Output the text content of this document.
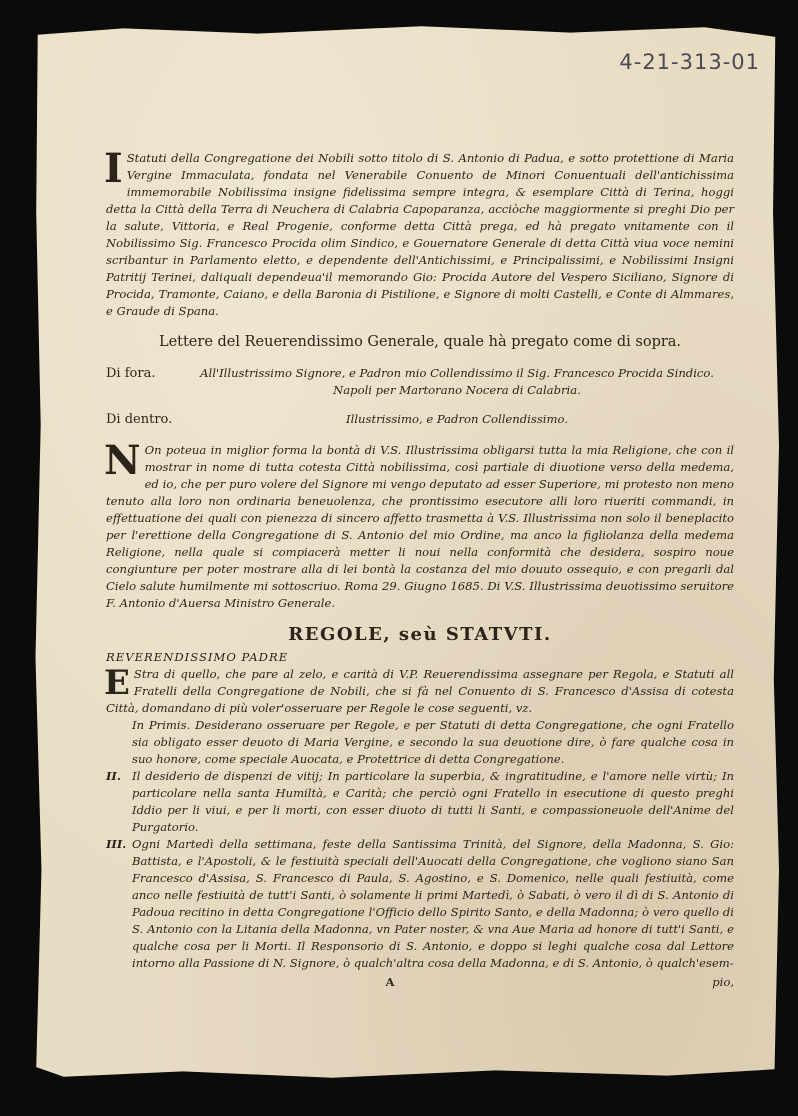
4-21-313-01

I Statuti della Congregatione dei Nobili sotto titolo di S. Antonio di Padua, e sotto protettione di Maria Vergine Immaculata, fondata nel Venerabile Conuento de Minori Conuentuali dell'antichissima immemorabile Nobilissima insigne fidelissima sempre integra, & esemplare Città di Terina, hoggi detta la Città della Terra di Neuchera di Calabria Capoparanza, acciòche maggiormente si preghi Dio per la salute, Vittoria, e Real Progenie, conforme detta Città prega, ed hà pregato vnitamente con il Nobilissimo Sig. Francesco Procida olim Sindico, e Gouernatore Generale di detta Città viua voce nemini scribantur in Parlamento eletto, e dependente dell'Antichissimi, e Principalissimi, e Nobilissimi Insigni Patritij Terinei, daliquali dependeua'il memorando Gio: Procida Autore del Vespero Siciliano, Signore di Procida, Tramonte, Caiano, e della Baronia di Pistilione, e Signore di molti Castelli, e Conte di Almmares, e Graude di Spana.

Lettere del Reuerendissimo Generale, quale hà pregato come di sopra.
Di fora.	All'Illustrissimo Signore, e Padron mio Collendissimo il Sig. Francesco Procida Sindico. Napoli per Martorano Nocera di Calabria.
Di dentro.	Illustrissimo, e Padron Collendissimo.

N On poteua in miglior forma la bontà di V.S. Illustrissima obligarsi tutta la mia Religione, che con il mostrar in nome di tutta cotesta Città nobilissima, così partiale di diuotione verso della medema, ed io, che per puro volere del Signore mi vengo deputato ad esser Superiore, mi protesto non meno tenuto alla loro non ordinaria beneuolenza, che prontissimo esecutore alli loro riueriti commandi, in effettuatione dei quali con pienezza di sincero affetto trasmetta à V.S. Illustrissima non solo il beneplacito per l'erettione della Congregatione di S. Antonio del mio Ordine, ma anco la figliolanza della medema Religione, nella quale si compiacerà metter li noui nella conformità che desidera, sospiro noue congiunture per poter mostrare alla di lei bontà la costanza del mio douuto ossequio, e con pregarli dal Cielo salute humilmente mi sottoscriuo. Roma 29. Giugno 1685. Di V.S. Illustrissima deuotissimo seruitore F. Antonio d'Auersa Ministro Generale.

REGOLE, seù STATVTI.

REVERENDISSIMO PADRE

E Stra di quello, che pare al zelo, e carità di V.P. Reuerendissima assegnare per Regola, e Statuti all Fratelli della Congregatione de Nobili, che si fà nel Conuento di S. Francesco d'Assisa di cotesta Città, domandano di più voler'osseruare per Regole le cose seguenti, vz.

In Primis. Desiderano osseruare per Regole, e per Statuti di detta Congregatione, che ogni Fratello sia obligato esser deuoto di Maria Vergine, e secondo la sua deuotione dire, ò fare qualche cosa in suo honore, come speciale Auocata, e Protettrice di detta Congregatione.
II. Il desiderio de dispenzi de vitij; In particolare la superbia, & ingratitudine, e l'amore nelle virtù; In particolare nella santa Humiltà, e Carità; che perciò ogni Fratello in esecutione di questo preghi Iddio per li viui, e per li morti, con esser diuoto di tutti li Santi, e compassioneuole dell'Anime del Purgatorio.
III. Ogni Martedì della settimana, feste della Santissima Trinità, del Signore, della Madonna, S. Gio: Battista, e l'Apostoli, & le festiuità speciali dell'Auocati della Congregatione, che vogliono siano San Francesco d'Assisa, S. Francesco di Paula, S. Agostino, e S. Domenico, nelle quali festiuità, come anco nelle festiuità de tutt'i Santi, ò solamente li primi Martedì, ò Sabati, ò vero il dì di S. Antonio di Padoua recitino in detta Congregatione l'Officio dello Spirito Santo, e della Madonna; ò vero quello di S. Antonio con la Litania della Madonna, vn Pater noster, & vna Aue Maria ad honore di tutt'i Santi, e qualche cosa per li Morti. Il Responsorio di S. Antonio, e doppo si leghi qualche cosa dal Lettore intorno alla Passione di N. Signore, ò qualch'altra cosa della Madonna, e di S. Antonio, ò qualch'esem-
A	pio,
